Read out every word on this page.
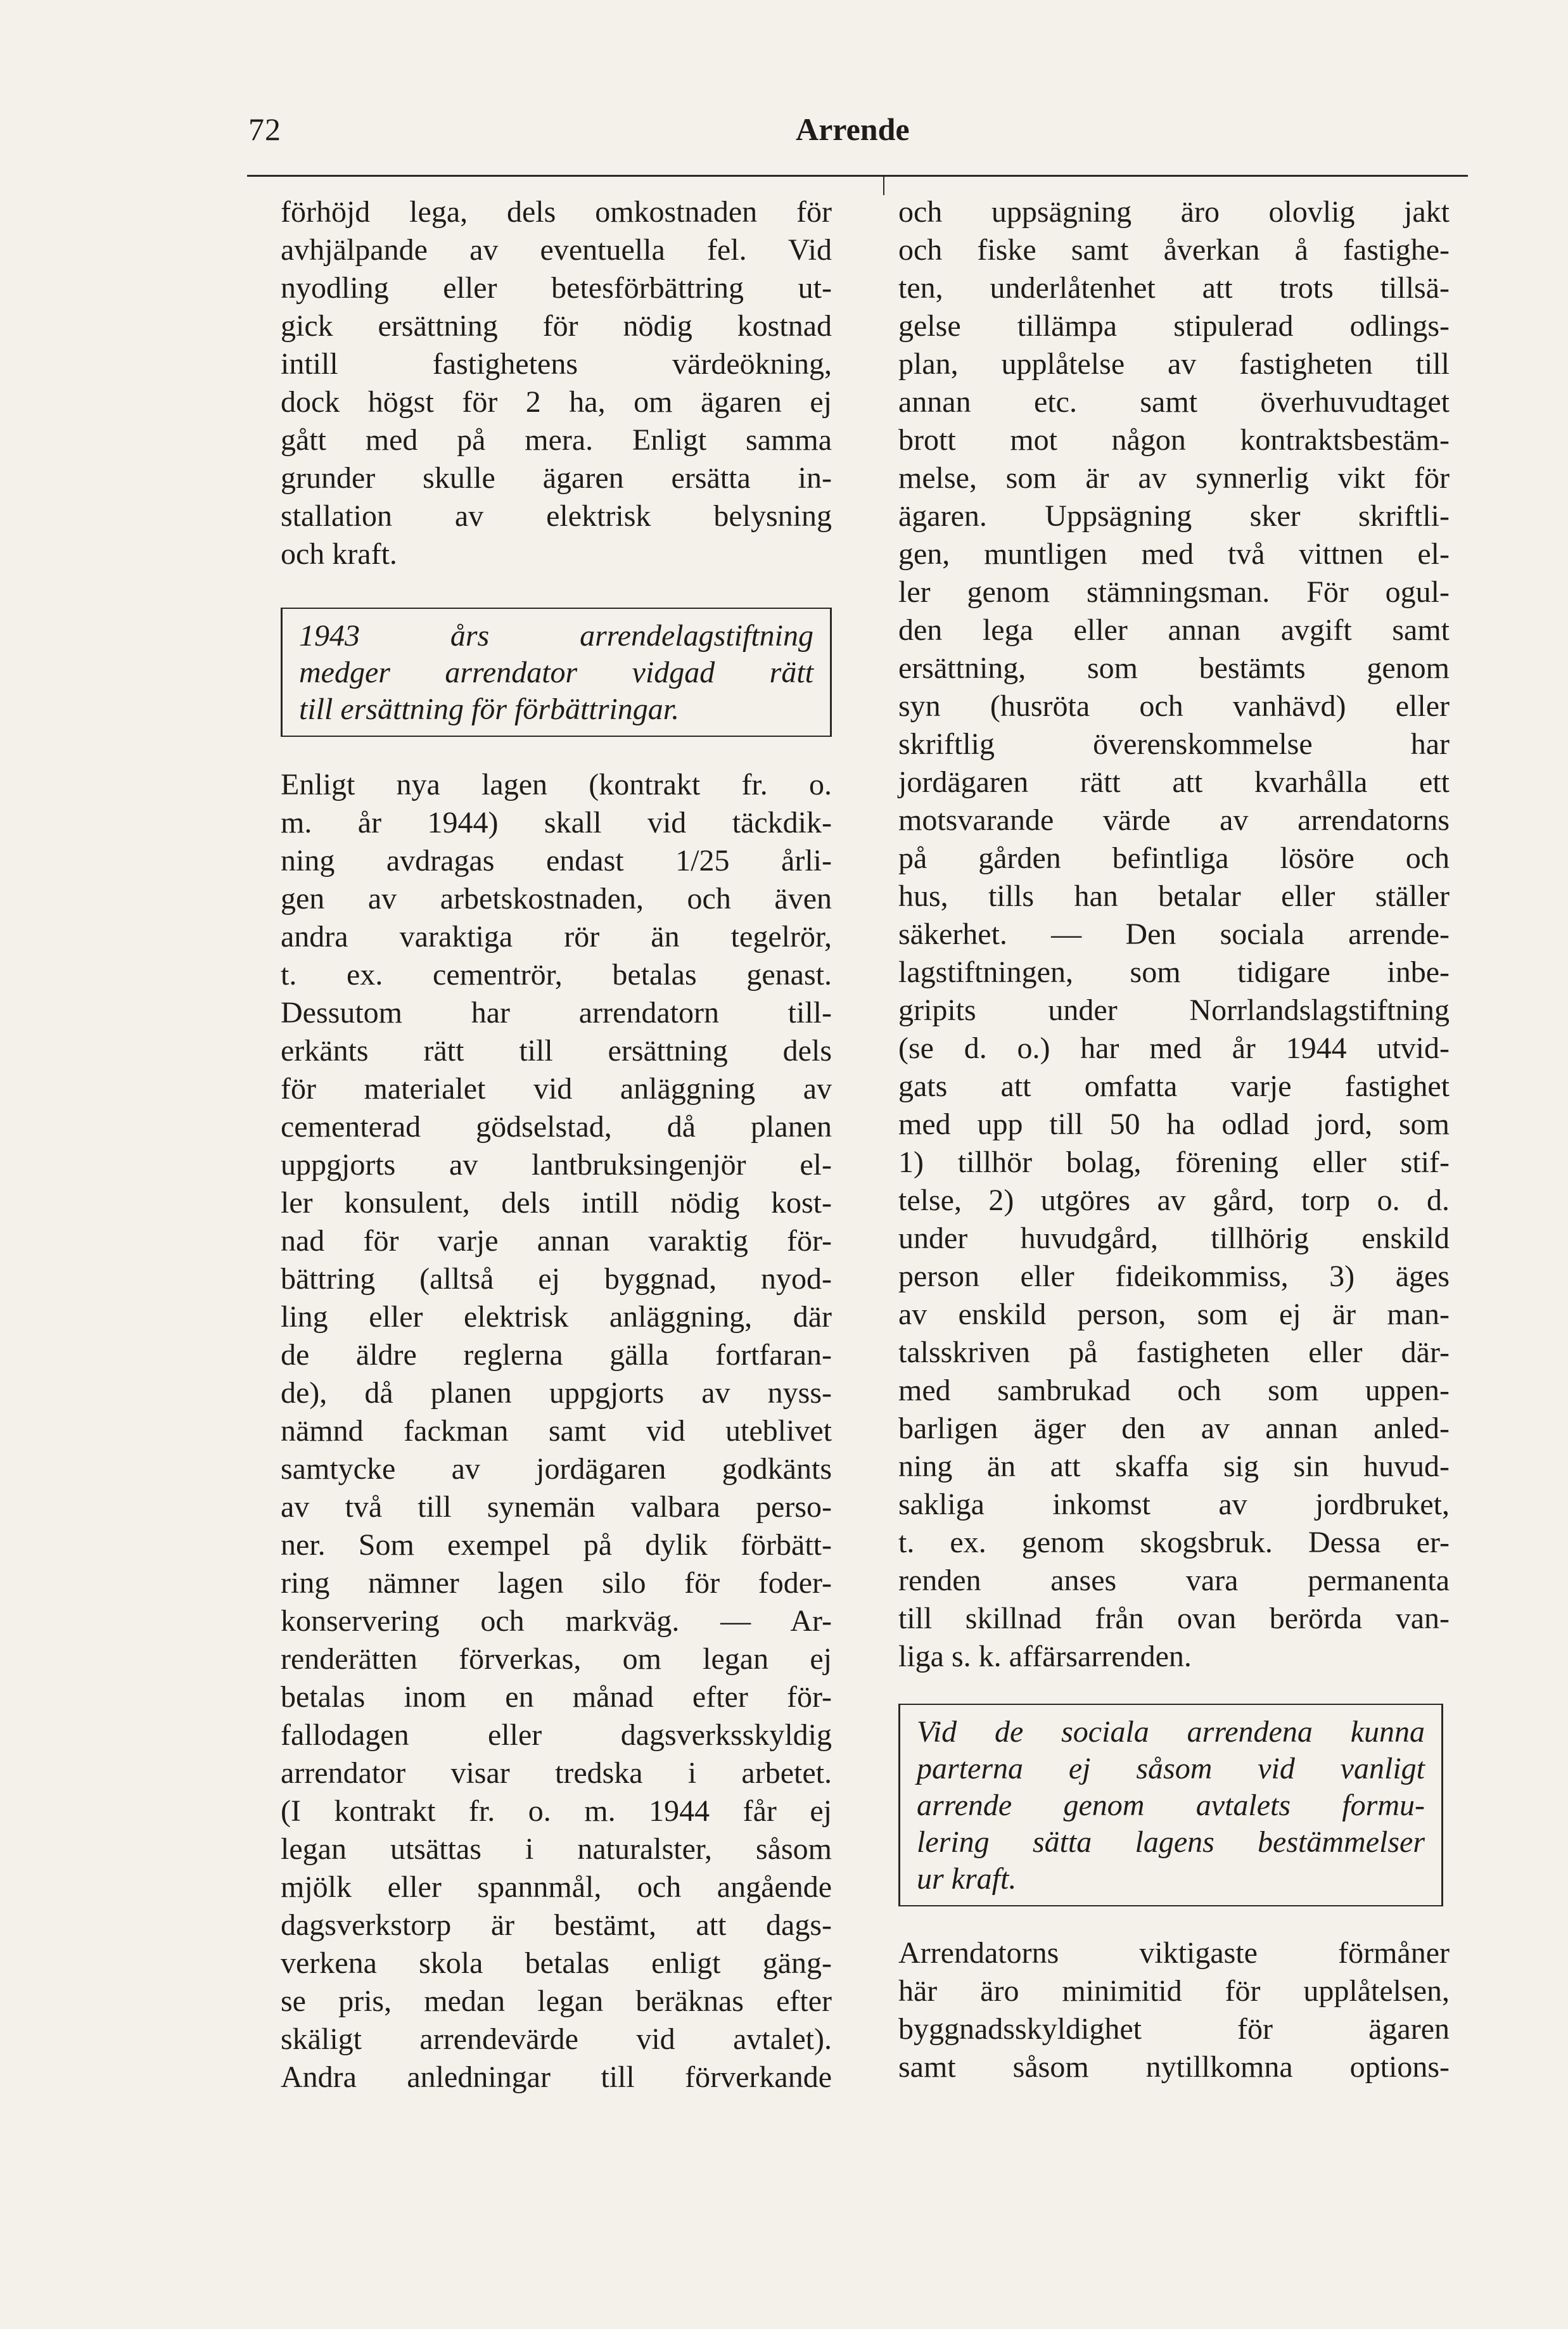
72	Arrende
förhöjd lega, dels omkostnaden för
avhjälpande av eventuella fel. Vid
nyodling eller betesförbättring ut-
gick ersättning för nödig kostnad
intill fastighetens värdeökning,
dock högst för 2 ha, om ägaren ej
gått med på mera. Enligt samma
grunder skulle ägaren ersätta in-
stallation av elektrisk belysning
och kraft.
1943 års arrendelagstiftning
medger arrendator vidgad rätt
till ersättning för förbättringar.
Enligt nya lagen (kontrakt fr. o.
m. år 1944) skall vid täckdik-
ning avdragas endast 1/25 årli-
gen av arbetskostnaden, och även
andra varaktiga rör än tegelrör,
t. ex. cementrör, betalas genast.
Dessutom har arrendatorn till-
erkänts rätt till ersättning dels
för materialet vid anläggning av
cementerad gödselstad, då planen
uppgjorts av lantbruksingenjör el-
ler konsulent, dels intill nödig kost-
nad för varje annan varaktig för-
bättring (alltså ej byggnad, nyod-
ling eller elektrisk anläggning, där
de äldre reglerna gälla fortfaran-
de), då planen uppgjorts av nyss-
nämnd fackman samt vid uteblivet
samtycke av jordägaren godkänts
av två till synemän valbara perso-
ner. Som exempel på dylik förbätt-
ring nämner lagen silo för foder-
konservering och markväg. — Ar-
renderätten förverkas, om legan ej
betalas inom en månad efter för-
fallodagen eller dagsverksskyldig
arrendator visar tredska i arbetet.
(I kontrakt fr. o. m. 1944 får ej
legan utsättas i naturalster, såsom
mjölk eller spannmål, och angående
dagsverkstorp är bestämt, att dags-
verkena skola betalas enligt gäng-
se pris, medan legan beräknas efter
skäligt arrendevärde vid avtalet).
Andra anledningar till förverkande
och uppsägning äro olovlig jakt
och fiske samt åverkan å fastighe-
ten, underlåtenhet att trots tillsä-
gelse tillämpa stipulerad odlings-
plan, upplåtelse av fastigheten till
annan etc. samt överhuvudtaget
brott mot någon kontraktsbestäm-
melse, som är av synnerlig vikt för
ägaren. Uppsägning sker skriftli-
gen, muntligen med två vittnen el-
ler genom stämningsman. För ogul-
den lega eller annan avgift samt
ersättning, som bestämts genom
syn (husröta och vanhävd) eller
skriftlig överenskommelse har
jordägaren rätt att kvarhålla ett
motsvarande värde av arrendatorns
på gården befintliga lösöre och
hus, tills han betalar eller ställer
säkerhet. — Den sociala arrende-
lagstiftningen, som tidigare inbe-
gripits under Norrlandslagstiftning
(se d. o.) har med år 1944 utvid-
gats att omfatta varje fastighet
med upp till 50 ha odlad jord, som
1) tillhör bolag, förening eller stif-
telse, 2) utgöres av gård, torp o. d.
under huvudgård, tillhörig enskild
person eller fideikommiss, 3) äges
av enskild person, som ej är man-
talsskriven på fastigheten eller där-
med sambrukad och som uppen-
barligen äger den av annan anled-
ning än att skaffa sig sin huvud-
sakliga inkomst av jordbruket,
t. ex. genom skogsbruk. Dessa er-
renden anses vara permanenta
till skillnad från ovan berörda van-
liga s. k. affärsarrenden.
Vid de sociala arrendena kunna
parterna ej såsom vid vanligt
arrende genom avtalets formu-
lering sätta lagens bestämmelser
ur kraft.
Arrendatorns viktigaste förmåner
här äro minimitid för upplåtelsen,
byggnadsskyldighet för ägaren
samt såsom nytillkomna options-
